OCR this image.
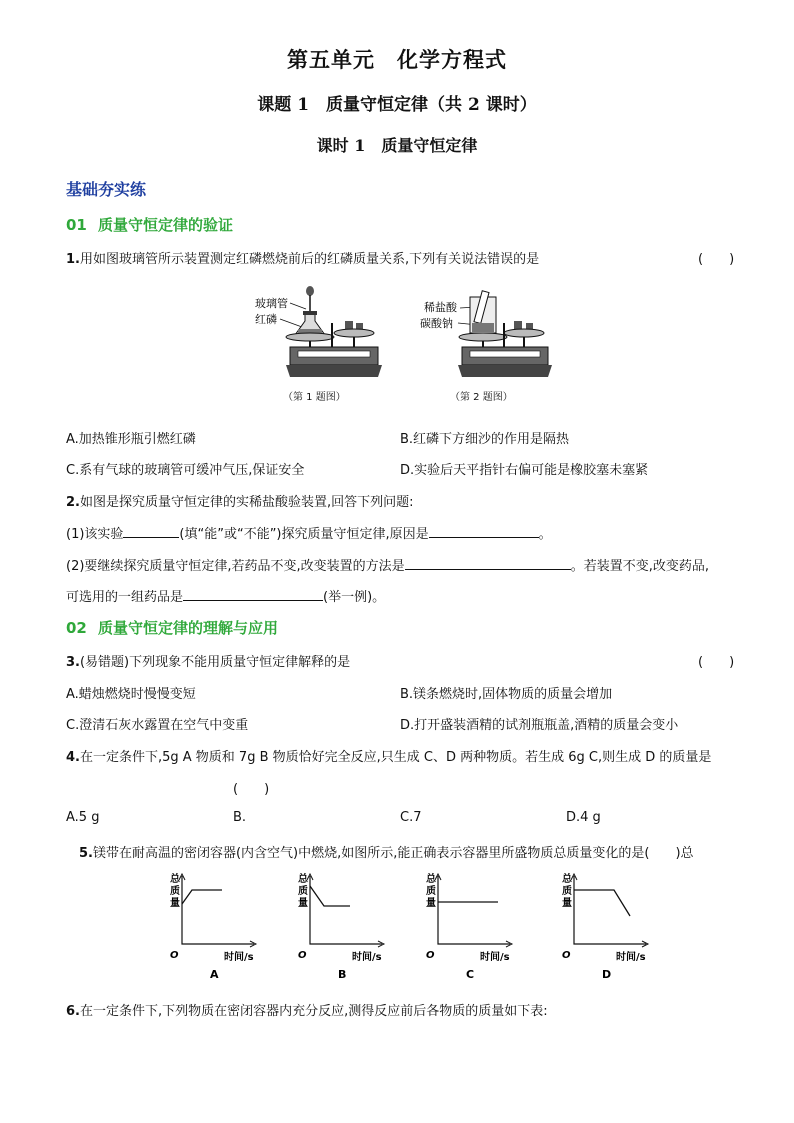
第五单元　化学方程式
课题 1　质量守恒定律（共 2 课时）
课时 1　质量守恒定律
基础夯实练
01 质量守恒定律的验证
1.用如图玻璃管所示装置测定红磷燃烧前后的红磷质量关系,下列有关说法错误的是	(　　)
玻璃管
红磷
（第 1 题图）
稀盐酸
碳酸钠
（第 2 题图）
A.加热锥形瓶引燃红磷	B.红磷下方细沙的作用是隔热
C.系有气球的玻璃管可缓冲气压,保证安全	D.实验后天平指针右偏可能是橡胶塞未塞紧
2.如图是探究质量守恒定律的实稀盐酸验装置,回答下列问题:
(1)该实验	(填“能”或“不能”)探究质量守恒定律,原因是	。
(2)要继续探究质量守恒定律,若药品不变,改变装置的方法是	。若装置不变,改变药品,
可选用的一组药品是	(举一例)。
02 质量守恒定律的理解与应用
3.(易错题)下列现象不能用质量守恒定律解释的是	(　　)
A.蜡烛燃烧时慢慢变短	B.镁条燃烧时,固体物质的质量会增加
C.澄清石灰水露置在空气中变重	D.打开盛装酒精的试剂瓶瓶盖,酒精的质量会变小
4.在一定条件下,5g A 物质和 7g B 物质恰好完全反应,只生成 C、D 两种物质。若生成 6g C,则生成 D 的质量是
(　　)
A.5 g	B.	C.7	D.4 g
5.镁带在耐高温的密闭容器(内含空气)中燃烧,如图所示,能正确表示容器里所盛物质总质量变化的是(　　)总
总
质
量
O	时间/s
A
总
质
量
O	时间/s
B
总
质
量
O	时间/s
C
总
质
量
O	时间/s
D
6.在一定条件下,下列物质在密闭容器内充分反应,测得反应前后各物质的质量如下表:
